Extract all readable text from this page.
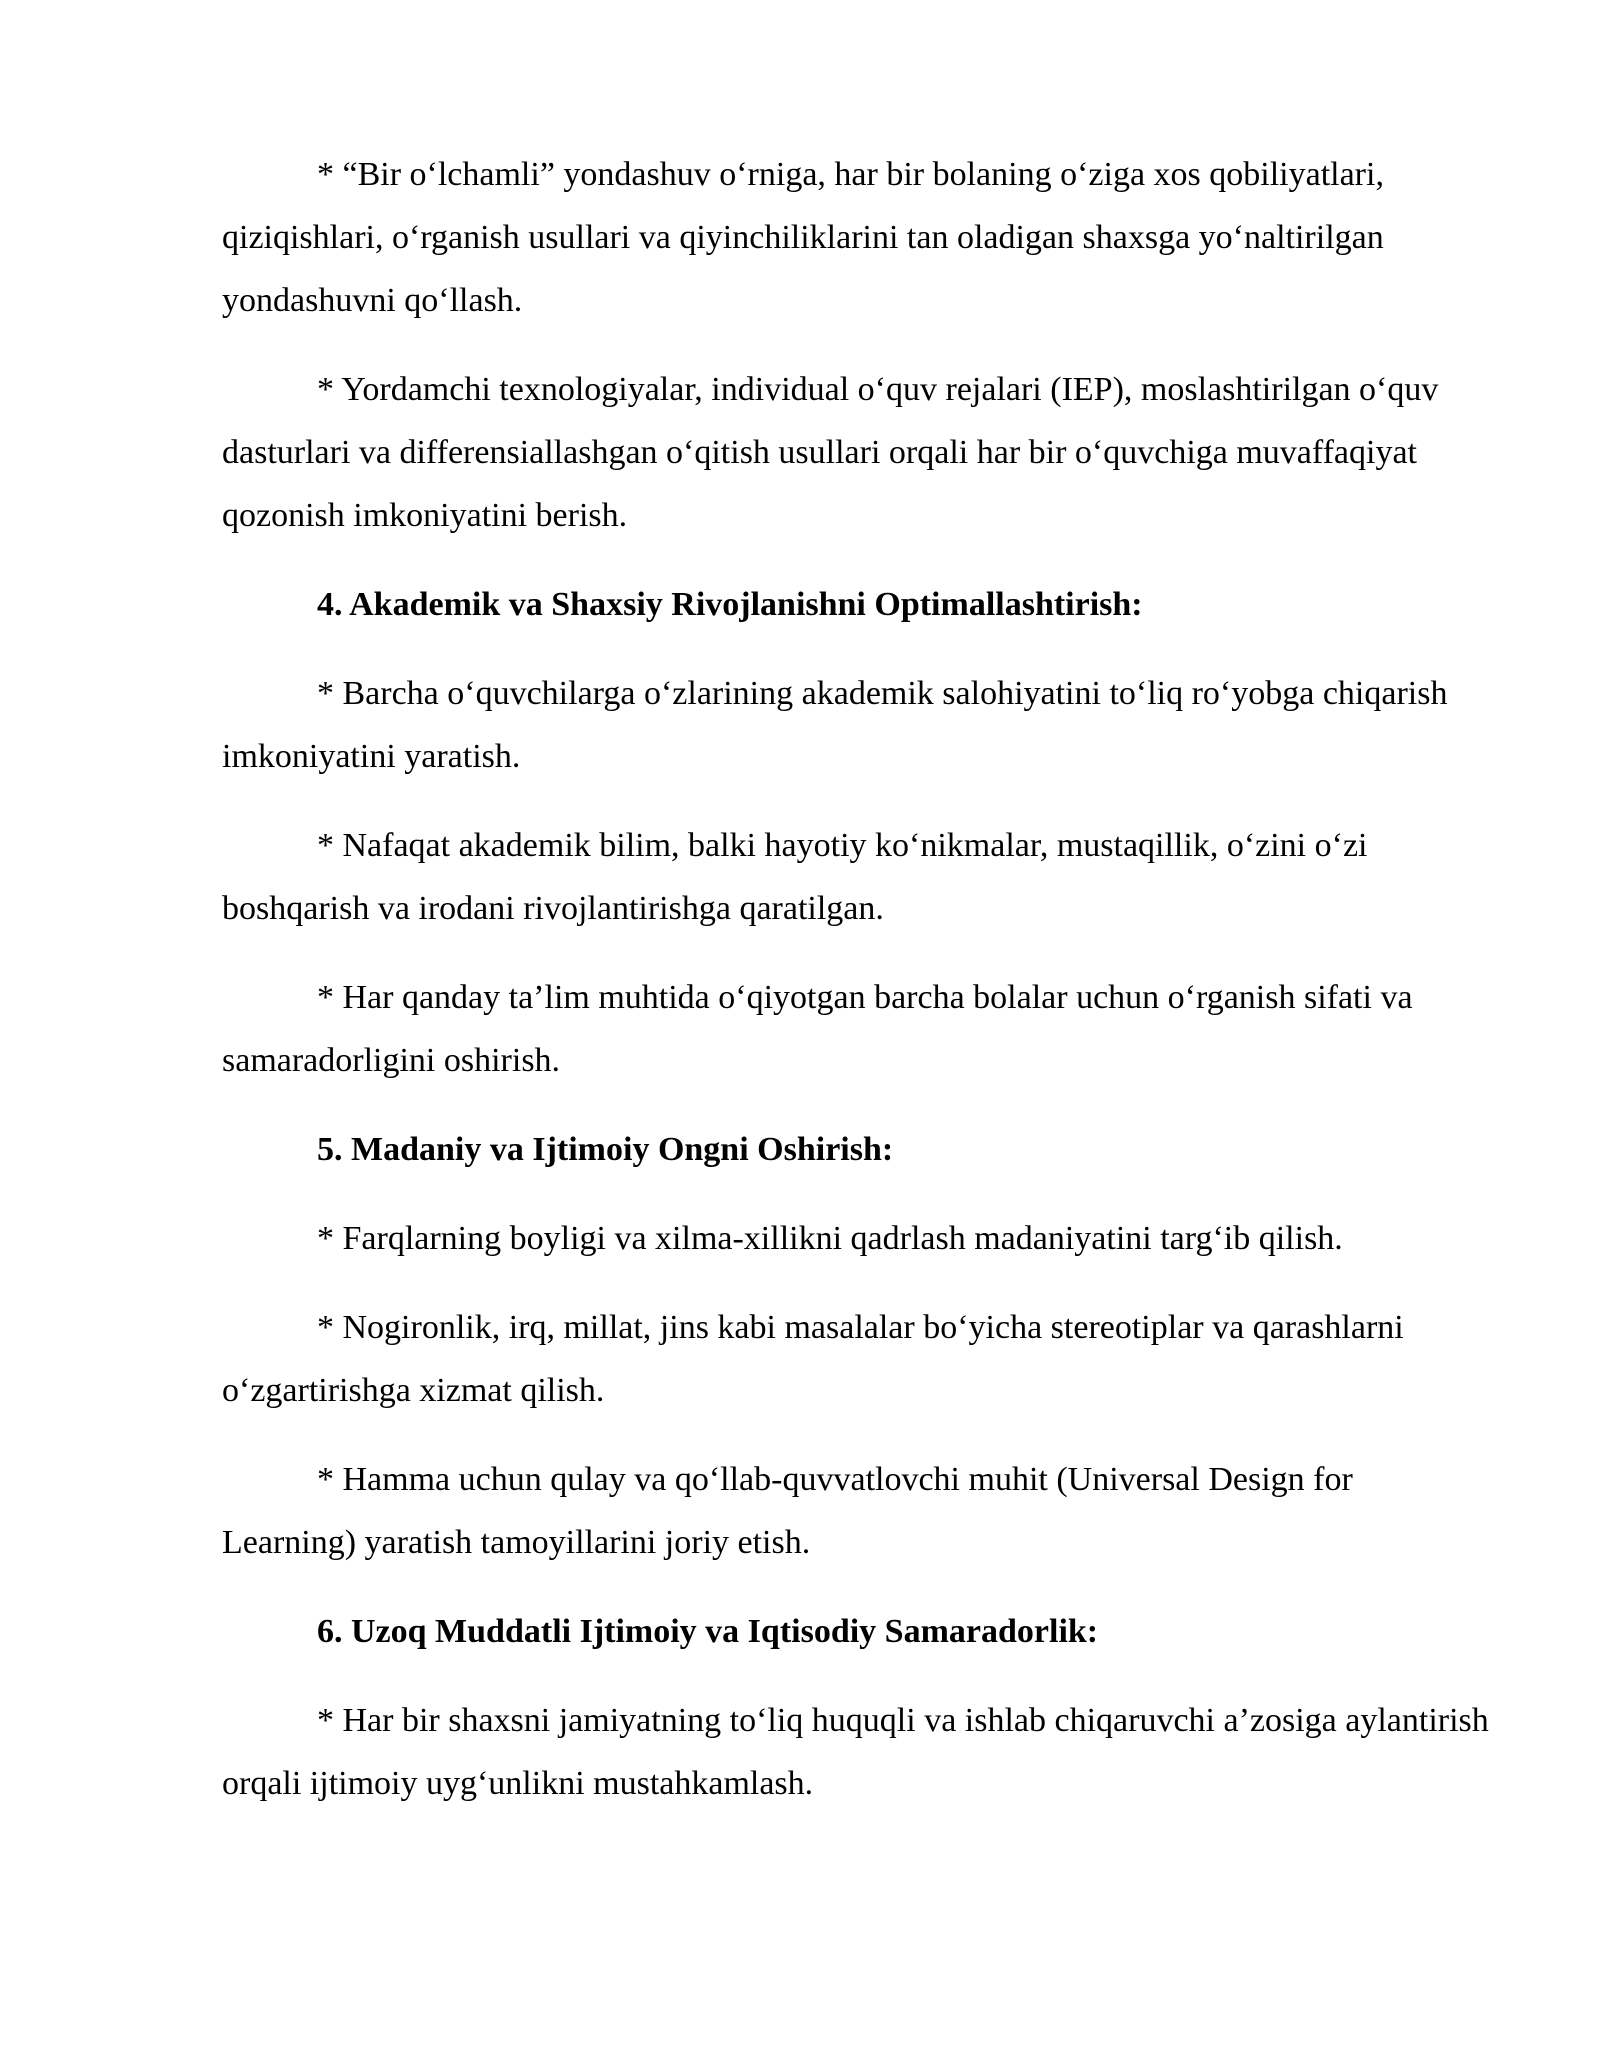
* “Bir o‘lchamli” yondashuv o‘rniga, har bir bolaning o‘ziga xos qobiliyatlari, qiziqishlari, o‘rganish usullari va qiyinchiliklarini tan oladigan shaxsga yo‘naltirilgan yondashuvni qo‘llash.

* Yordamchi texnologiyalar, individual o‘quv rejalari (IEP), moslashtirilgan o‘quv dasturlari va differensiallashgan o‘qitish usullari orqali har bir o‘quvchiga muvaffaqiyat qozonish imkoniyatini berish.

4. Akademik va Shaxsiy Rivojlanishni Optimallashtirish:

* Barcha o‘quvchilarga o‘zlarining akademik salohiyatini to‘liq ro‘yobga chiqarish imkoniyatini yaratish.

* Nafaqat akademik bilim, balki hayotiy ko‘nikmalar, mustaqillik, o‘zini o‘zi boshqarish va irodani rivojlantirishga qaratilgan.

* Har qanday ta’lim muhtida o‘qiyotgan barcha bolalar uchun o‘rganish sifati va samaradorligini oshirish.

5. Madaniy va Ijtimoiy Ongni Oshirish:

* Farqlarning boyligi va xilma-xillikni qadrlash madaniyatini targ‘ib qilish.

* Nogironlik, irq, millat, jins kabi masalalar bo‘yicha stereotiplar va qarashlarni o‘zgartirishga xizmat qilish.

* Hamma uchun qulay va qo‘llab-quvvatlovchi muhit (Universal Design for Learning) yaratish tamoyillarini joriy etish.

6. Uzoq Muddatli Ijtimoiy va Iqtisodiy Samaradorlik:

* Har bir shaxsni jamiyatning to‘liq huquqli va ishlab chiqaruvchi a’zosiga aylantirish orqali ijtimoiy uyg‘unlikni mustahkamlash.
